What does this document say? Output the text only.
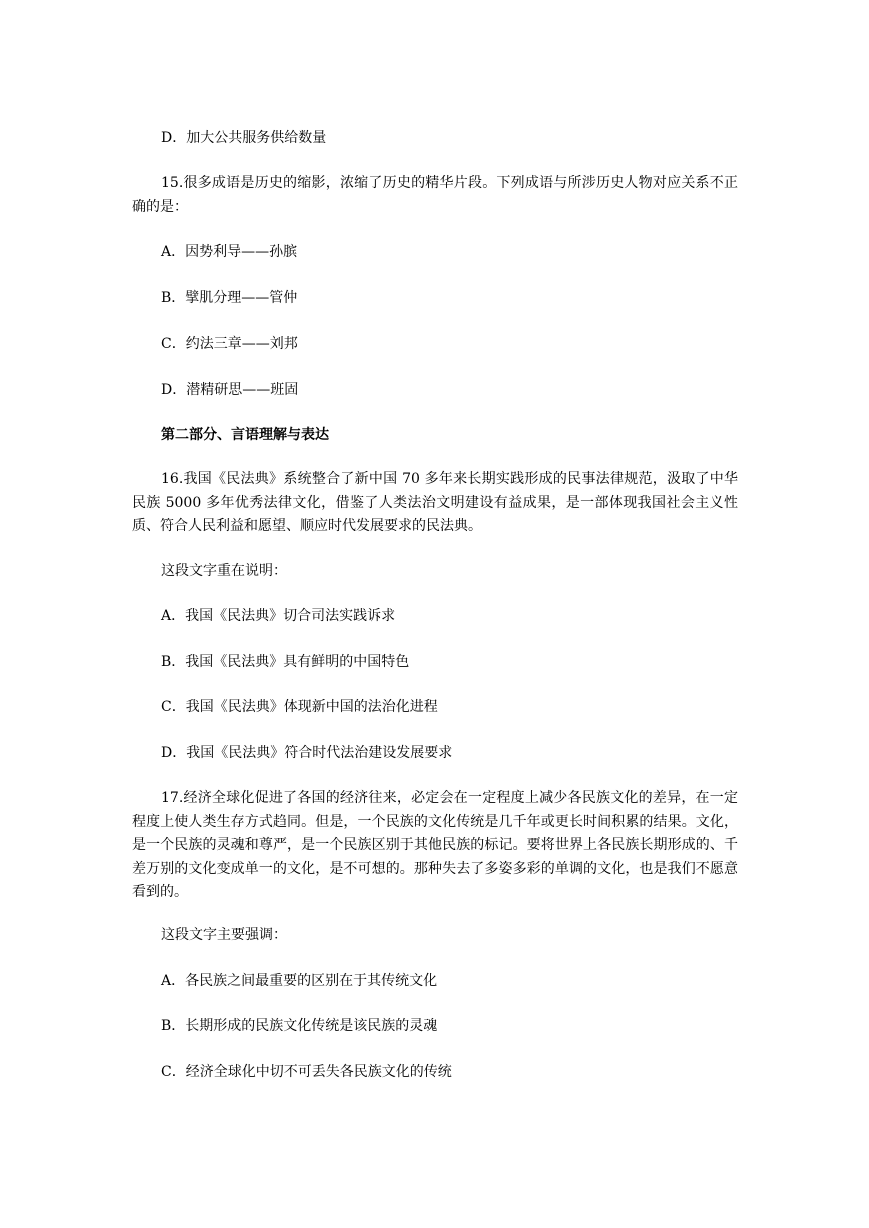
D．加大公共服务供给数量

15.很多成语是历史的缩影，浓缩了历史的精华片段。下列成语与所涉历史人物对应关系不正确的是：

A．因势利导——孙膑

B．擘肌分理——管仲

C．约法三章——刘邦

D．潜精研思——班固

第二部分、言语理解与表达

16.我国《民法典》系统整合了新中国 70 多年来长期实践形成的民事法律规范，汲取了中华民族 5000 多年优秀法律文化，借鉴了人类法治文明建设有益成果，是一部体现我国社会主义性质、符合人民利益和愿望、顺应时代发展要求的民法典。

这段文字重在说明：

A．我国《民法典》切合司法实践诉求

B．我国《民法典》具有鲜明的中国特色

C．我国《民法典》体现新中国的法治化进程

D．我国《民法典》符合时代法治建设发展要求

17.经济全球化促进了各国的经济往来，必定会在一定程度上减少各民族文化的差异，在一定程度上使人类生存方式趋同。但是，一个民族的文化传统是几千年或更长时间积累的结果。文化，是一个民族的灵魂和尊严，是一个民族区别于其他民族的标记。要将世界上各民族长期形成的、千差万别的文化变成单一的文化，是不可想的。那种失去了多姿多彩的单调的文化，也是我们不愿意看到的。

这段文字主要强调：

A．各民族之间最重要的区别在于其传统文化

B．长期形成的民族文化传统是该民族的灵魂

C．经济全球化中切不可丢失各民族文化的传统
